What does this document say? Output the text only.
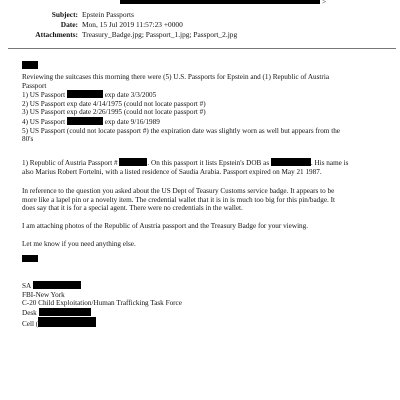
>
Subject: Epstein Passports
Date: Mon, 15 Jul 2019 11:57:23 +0000
Attachments: Treasury_Badge.jpg; Passport_1.jpg; Passport_2.jpg
Reviewing the suitcases this morning there were (5) U.S. Passports for Epstein and (1) Republic of Austria
Passport
1) US Passport	exp date 3/3/2005
2) US Passport exp date 4/14/1975 (could not locate passport #)
3) US Passport exp date 2/26/1995 (could not locate passport #)
4) US Passport	exp date 9/16/1989
5) US Passport (could not locate passport #) the expiration date was slightly worn as well but appears from the
80's
1) Republic of Austria Passport #	. On this passport it lists Epstein's DOB as	. His name is
also Marius Robert Fortelni, with a listed residence of Saudia Arabia. Passport expired on May 21 1987.
In reference to the question you asked about the US Dept of Teasury Customs service badge. It appears to be
more like a lapel pin or a novelty item. The credential wallet that it is in is much too big for this pin/badge. It
does say that it is for a special agent. There were no credentials in the wallet.
I am attaching photos of the Republic of Austria passport and the Treasury Badge for your viewing.
Let me know if you need anything else.
SA
FBI-New York
C-20 Child Exploitation/Human Trafficking Task Force
Desk
Cell (
